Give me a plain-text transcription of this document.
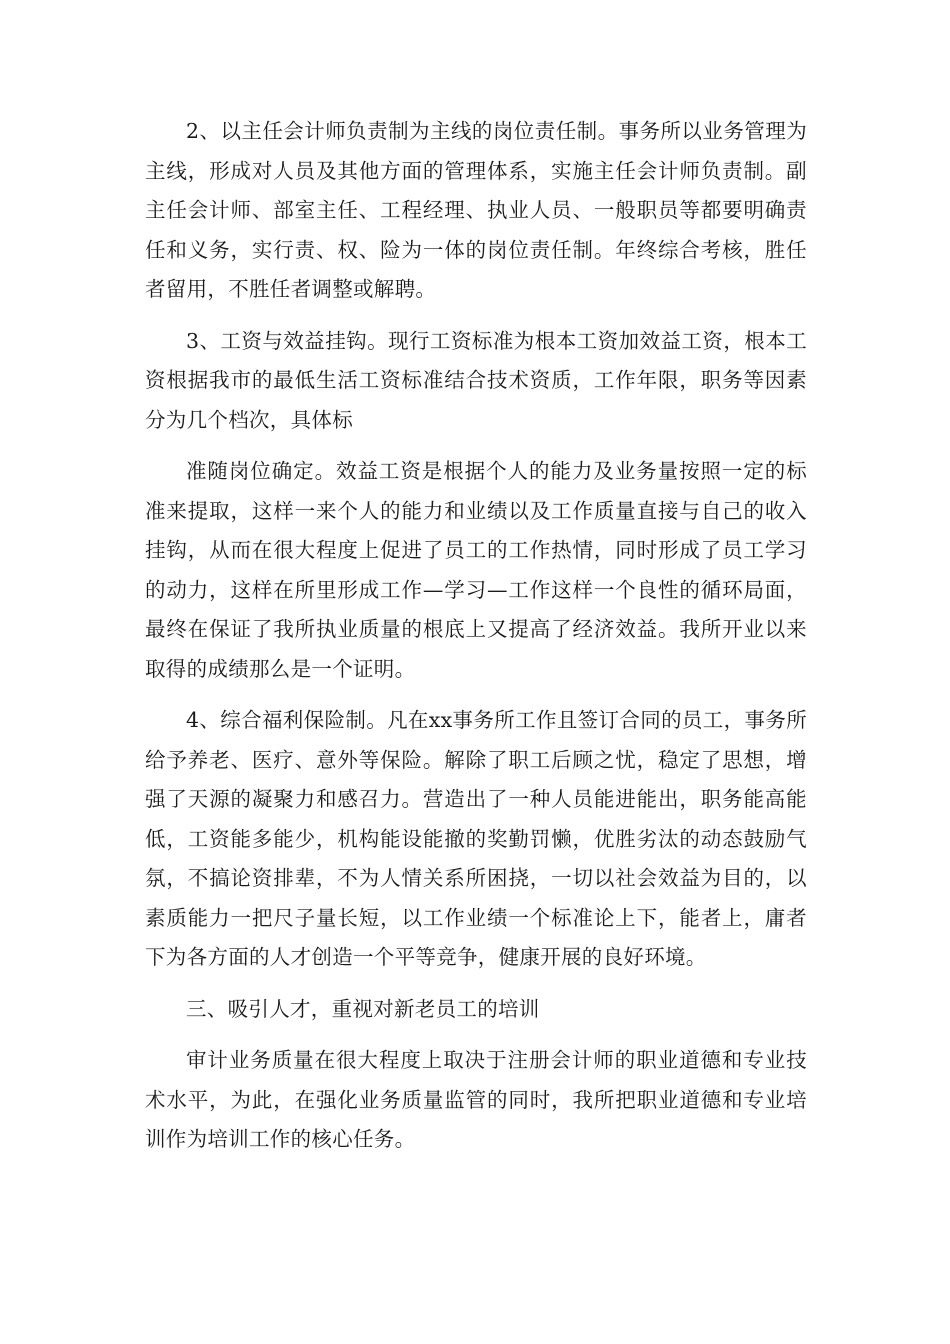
2、以主任会计师负责制为主线的岗位责任制。事务所以业务管理为主线，形成对人员及其他方面的管理体系，实施主任会计师负责制。副主任会计师、部室主任、工程经理、执业人员、一般职员等都要明确责任和义务，实行责、权、险为一体的岗位责任制。年终综合考核，胜任者留用，不胜任者调整或解聘。

3、工资与效益挂钩。现行工资标准为根本工资加效益工资，根本工资根据我市的最低生活工资标准结合技术资质，工作年限，职务等因素分为几个档次，具体标

准随岗位确定。效益工资是根据个人的能力及业务量按照一定的标准来提取，这样一来个人的能力和业绩以及工作质量直接与自己的收入挂钩，从而在很大程度上促进了员工的工作热情，同时形成了员工学习的动力，这样在所里形成工作—学习—工作这样一个良性的循环局面，最终在保证了我所执业质量的根底上又提高了经济效益。我所开业以来取得的成绩那么是一个证明。

4、综合福利保险制。凡在xx事务所工作且签订合同的员工，事务所给予养老、医疗、意外等保险。解除了职工后顾之忧，稳定了思想，增强了天源的凝聚力和感召力。营造出了一种人员能进能出，职务能高能低，工资能多能少，机构能设能撤的奖勤罚懒，优胜劣汰的动态鼓励气氛，不搞论资排辈，不为人情关系所困挠，一切以社会效益为目的，以素质能力一把尺子量长短，以工作业绩一个标准论上下，能者上，庸者下为各方面的人才创造一个平等竞争，健康开展的良好环境。

三、吸引人才，重视对新老员工的培训

审计业务质量在很大程度上取决于注册会计师的职业道德和专业技术水平，为此，在强化业务质量监管的同时，我所把职业道德和专业培训作为培训工作的核心任务。
